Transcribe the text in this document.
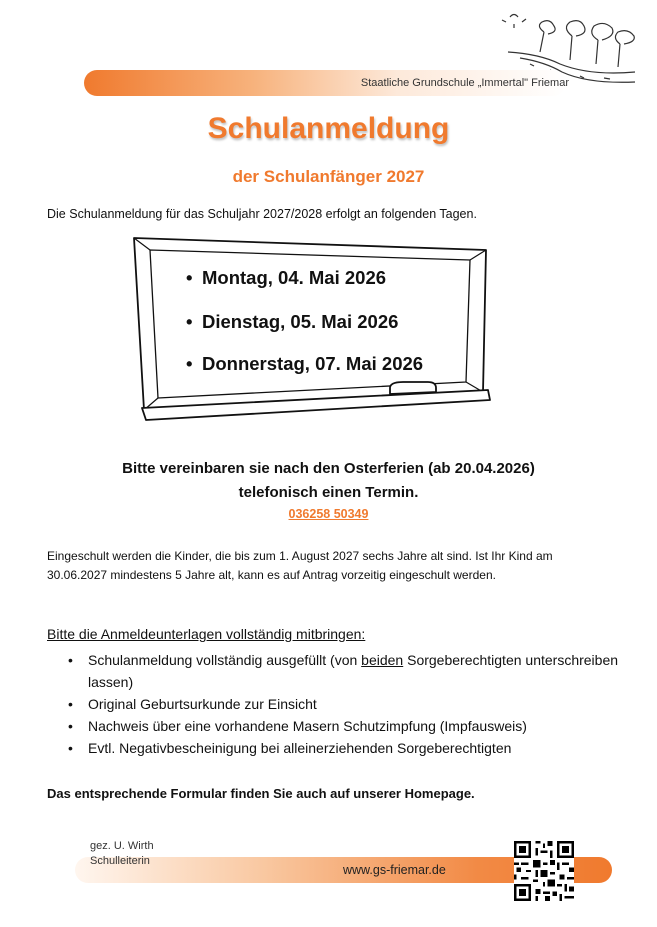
Staatliche Grundschule „Immertal" Friemar
Schulanmeldung
der Schulanfänger 2027
Die Schulanmeldung für das Schuljahr 2027/2028 erfolgt an folgenden Tagen.
• Montag, 04. Mai 2026
• Dienstag, 05. Mai 2026
• Donnerstag, 07. Mai 2026
Bitte vereinbaren sie nach den Osterferien (ab 20.04.2026)
telefonisch einen Termin.
036258 50349
Eingeschult werden die Kinder, die bis zum 1. August 2027 sechs Jahre alt sind. Ist Ihr Kind am 30.06.2027 mindestens 5 Jahre alt, kann es auf Antrag vorzeitig eingeschult werden.
Bitte die Anmeldeunterlagen vollständig mitbringen:
• Schulanmeldung vollständig ausgefüllt (von beiden Sorgeberechtigten unterschreiben lassen)
• Original Geburtsurkunde zur Einsicht
• Nachweis über eine vorhandene Masern Schutzimpfung (Impfausweis)
• Evtl. Negativbescheinigung bei alleinerziehenden Sorgeberechtigten
Das entsprechende Formular finden Sie auch auf unserer Homepage.
gez. U. Wirth
Schulleiterin
www.gs-friemar.de
